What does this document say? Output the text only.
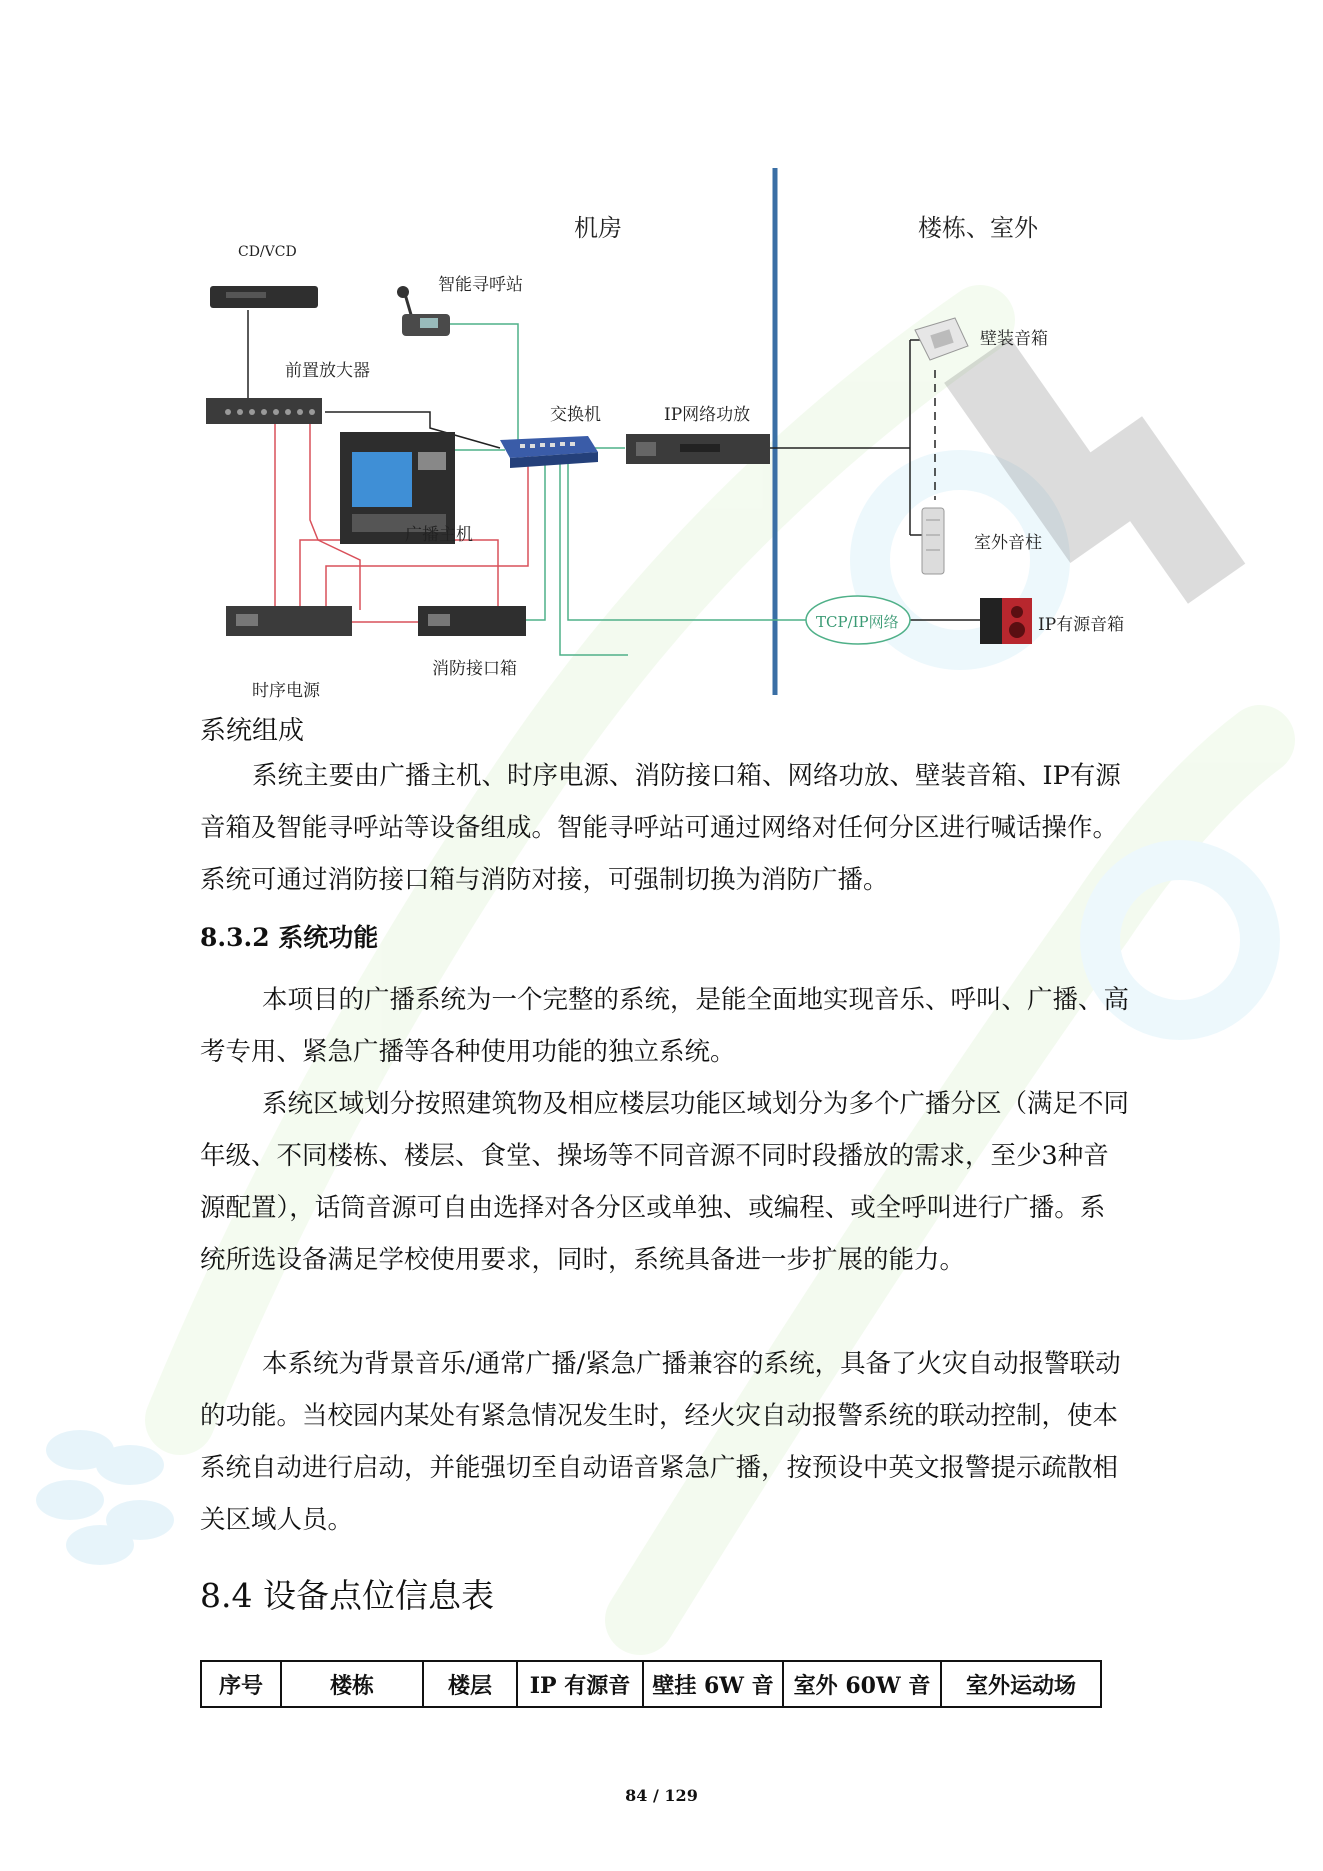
机房	楼栋、室外
CD/VCD
智能寻呼站
前置放大器
交换机	IP网络功放
广播主机
时序电源
消防接口箱
壁装音箱
室外音柱
TCP/IP网络	IP有源音箱
系统组成
系统主要由广播主机、时序电源、消防接口箱、网络功放、壁装音箱、IP有源音箱及智能寻呼站等设备组成。智能寻呼站可通过网络对任何分区进行喊话操作。系统可通过消防接口箱与消防对接，可强制切换为消防广播。
8.3.2 系统功能
本项目的广播系统为一个完整的系统，是能全面地实现音乐、呼叫、广播、高考专用、紧急广播等各种使用功能的独立系统。
系统区域划分按照建筑物及相应楼层功能区域划分为多个广播分区（满足不同年级、不同楼栋、楼层、食堂、操场等不同音源不同时段播放的需求，至少3种音源配置），话筒音源可自由选择对各分区或单独、或编程、或全呼叫进行广播。系统所选设备满足学校使用要求，同时，系统具备进一步扩展的能力。
本系统为背景音乐/通常广播/紧急广播兼容的系统，具备了火灾自动报警联动的功能。当校园内某处有紧急情况发生时，经火灾自动报警系统的联动控制，使本系统自动进行启动，并能强切至自动语音紧急广播，按预设中英文报警提示疏散相关区域人员。
8.4 设备点位信息表
序号	楼栋	楼层	IP 有源音	壁挂 6W 音	室外 60W 音	室外运动场
84 / 129
